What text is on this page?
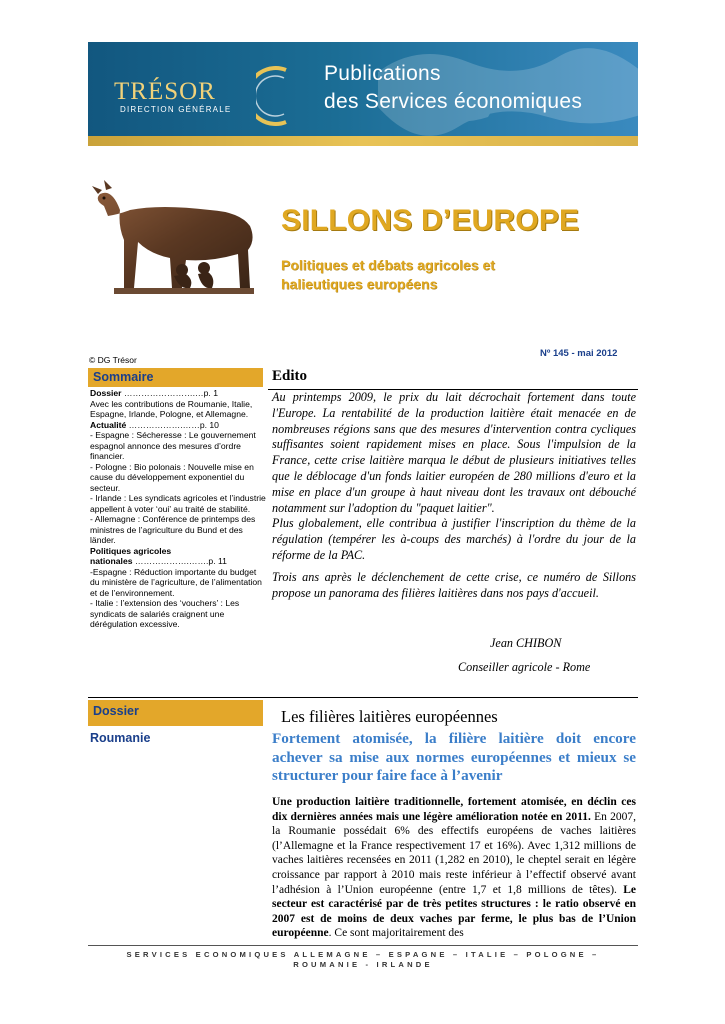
TRÉSOR
DIRECTION GÉNÉRALE
Publications
des Services économiques
SILLONS D’EUROPE
Politiques et débats agricoles et
halieutiques européens
© DG Trésor
Nº 145 - mai 2012
Sommaire

Dossier …………………….…p. 1

Avec les contributions de Roumanie, Italie, Espagne, Irlande, Pologne, et Allemagne.

Actualité ……………….……p. 10

- Espagne : Sécheresse : Le gouvernement espagnol annonce des mesures d’ordre financier.

- Pologne : Bio polonais : Nouvelle mise en cause du développement exponentiel du secteur.

- Irlande : Les syndicats agricoles et l’industrie appellent à voter ‘oui’ au traité de stabilité.

- Allemagne : Conférence de printemps des ministres de l’agriculture du Bund et des länder.

Politiques agricoles

nationales ……………….…….p. 11

-Espagne : Réduction importante du budget du ministère de l’agriculture, de l’alimentation et de l’environnement.

- Italie : l’extension des ‘vouchers’ : Les syndicats de salariés craignent une dérégulation excessive.

Edito

Au printemps 2009, le prix du lait décrochait fortement dans toute l'Europe. La rentabilité de la production laitière était menacée en de nombreuses régions sans que des mesures d'intervention contra cycliques suffisantes soient rapidement mises en place. Sous l'impulsion de la France, cette crise laitière marqua le début de plusieurs initiatives telles que le déblocage d'un fonds laitier européen de 280 millions d'euro et la mise en place d'un groupe à haut niveau dont les travaux ont débouché notamment sur l'adoption du "paquet laitier".

Plus globalement, elle contribua à justifier l'inscription du thème de la régulation (tempérer les à-coups des marchés) à l'ordre du jour de la réforme de la PAC.

Trois ans après le déclenchement de cette crise, ce numéro de Sillons propose un panorama des filières laitières dans nos pays d'accueil.

Jean CHIBON
Conseiller agricole - Rome
Dossier
Roumanie
Les filières laitières européennes
Fortement atomisée, la filière laitière doit encore achever sa mise aux normes européennes et mieux se structurer pour faire face à l’avenir

Une production laitière traditionnelle, fortement atomisée, en déclin ces dix dernières années mais une légère amélioration notée en 2011. En 2007, la Roumanie possédait 6% des effectifs européens de vaches laitières (l’Allemagne et la France respectivement 17 et 16%). Avec 1,312 millions de vaches laitières recensées en 2011 (1,282 en 2010), le cheptel serait en légère croissance par rapport à 2010 mais reste inférieur à l’effectif observé avant l’adhésion à l’Union européenne (entre 1,7 et 1,8 millions de têtes). Le secteur est caractérisé par de très petites structures : le ratio observé en 2007 est de moins de deux vaches par ferme, le plus bas de l’Union européenne. Ce sont majoritairement des

SERVICES ECONOMIQUES ALLEMAGNE – ESPAGNE – ITALIE – POLOGNE – ROUMANIE - IRLANDE
